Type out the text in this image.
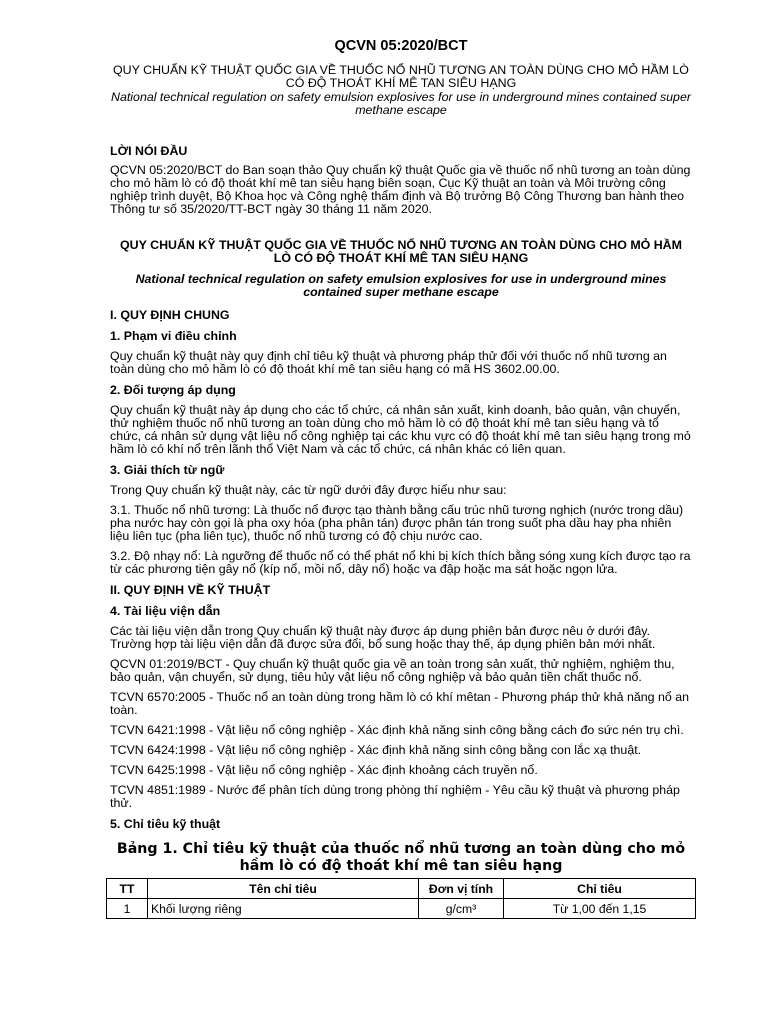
QCVN 05:2020/BCT
QUY CHUẨN KỸ THUẬT QUỐC GIA VỀ THUỐC NỔ NHŨ TƯƠNG AN TOÀN DÙNG CHO MỎ HẦM LÒ CÓ ĐỘ THOÁT KHÍ MÊ TAN SIÊU HẠNG
National technical regulation on safety emulsion explosives for use in underground mines contained super methane escape
LỜI NÓI ĐẦU

QCVN 05:2020/BCT do Ban soạn thảo Quy chuẩn kỹ thuật Quốc gia về thuốc nổ nhũ tương an toàn dùng cho mỏ hầm lò có độ thoát khí mê tan siêu hạng biên soạn, Cục Kỹ thuật an toàn và Môi trường công nghiệp trình duyệt, Bộ Khoa học và Công nghệ thẩm định và Bộ trưởng Bộ Công Thương ban hành theo Thông tư số 35/2020/TT-BCT ngày 30 tháng 11 năm 2020.

QUY CHUẨN KỸ THUẬT QUỐC GIA VỀ THUỐC NỔ NHŨ TƯƠNG AN TOÀN DÙNG CHO MỎ HẦM LÒ CÓ ĐỘ THOÁT KHÍ MÊ TAN SIÊU HẠNG
National technical regulation on safety emulsion explosives for use in underground mines contained super methane escape
I. QUY ĐỊNH CHUNG
1. Phạm vi điều chỉnh

Quy chuẩn kỹ thuật này quy định chỉ tiêu kỹ thuật và phương pháp thử đối với thuốc nổ nhũ tương an toàn dùng cho mỏ hầm lò có độ thoát khí mê tan siêu hạng có mã HS 3602.00.00.

2. Đối tượng áp dụng

Quy chuẩn kỹ thuật này áp dụng cho các tổ chức, cá nhân sản xuất, kinh doanh, bảo quản, vận chuyển, thử nghiệm thuốc nổ nhũ tương an toàn dùng cho mỏ hầm lò có độ thoát khí mê tan siêu hạng và tổ chức, cá nhân sử dụng vật liệu nổ công nghiệp tại các khu vực có độ thoát khí mê tan siêu hạng trong mỏ hầm lò có khí nổ trên lãnh thổ Việt Nam và các tổ chức, cá nhân khác có liên quan.

3. Giải thích từ ngữ

Trong Quy chuẩn kỹ thuật này, các từ ngữ dưới đây được hiểu như sau:

3.1. Thuốc nổ nhũ tương: Là thuốc nổ được tạo thành bằng cấu trúc nhũ tương nghịch (nước trong dầu) pha nước hay còn gọi là pha oxy hóa (pha phân tán) được phân tán trong suốt pha dầu hay pha nhiên liệu liên tục (pha liên tục), thuốc nổ nhũ tương có độ chịu nước cao.

3.2. Độ nhạy nổ: Là ngưỡng để thuốc nổ có thể phát nổ khi bị kích thích bằng sóng xung kích được tạo ra từ các phương tiện gây nổ (kíp nổ, mồi nổ, dây nổ) hoặc va đập hoặc ma sát hoặc ngọn lửa.

II. QUY ĐỊNH VỀ KỸ THUẬT
4. Tài liệu viện dẫn

Các tài liệu viện dẫn trong Quy chuẩn kỹ thuật này được áp dụng phiên bản được nêu ở dưới đây. Trường hợp tài liệu viện dẫn đã được sửa đổi, bổ sung hoặc thay thế, áp dụng phiên bản mới nhất.

QCVN 01:2019/BCT - Quy chuẩn kỹ thuật quốc gia về an toàn trong sản xuất, thử nghiệm, nghiệm thu, bảo quản, vận chuyển, sử dụng, tiêu hủy vật liệu nổ công nghiệp và bảo quản tiền chất thuốc nổ.

TCVN 6570:2005 - Thuốc nổ an toàn dùng trong hầm lò có khí mêtan - Phương pháp thử khả năng nổ an toàn.

TCVN 6421:1998 - Vật liệu nổ công nghiệp - Xác định khả năng sinh công bằng cách đo sức nén trụ chì.

TCVN 6424:1998 - Vật liệu nổ công nghiệp - Xác định khả năng sinh công bằng con lắc xạ thuật.

TCVN 6425:1998 - Vật liệu nổ công nghiệp - Xác định khoảng cách truyền nổ.

TCVN 4851:1989 - Nước để phân tích dùng trong phòng thí nghiệm - Yêu cầu kỹ thuật và phương pháp thử.

5. Chỉ tiêu kỹ thuật
Bảng 1. Chỉ tiêu kỹ thuật của thuốc nổ nhũ tương an toàn dùng cho mỏ hầm lò có độ thoát khí mê tan siêu hạng
TT	Tên chỉ tiêu	Đơn vị tính	Chỉ tiêu
1	Khối lượng riêng	g/cm³	Từ 1,00 đến 1,15
